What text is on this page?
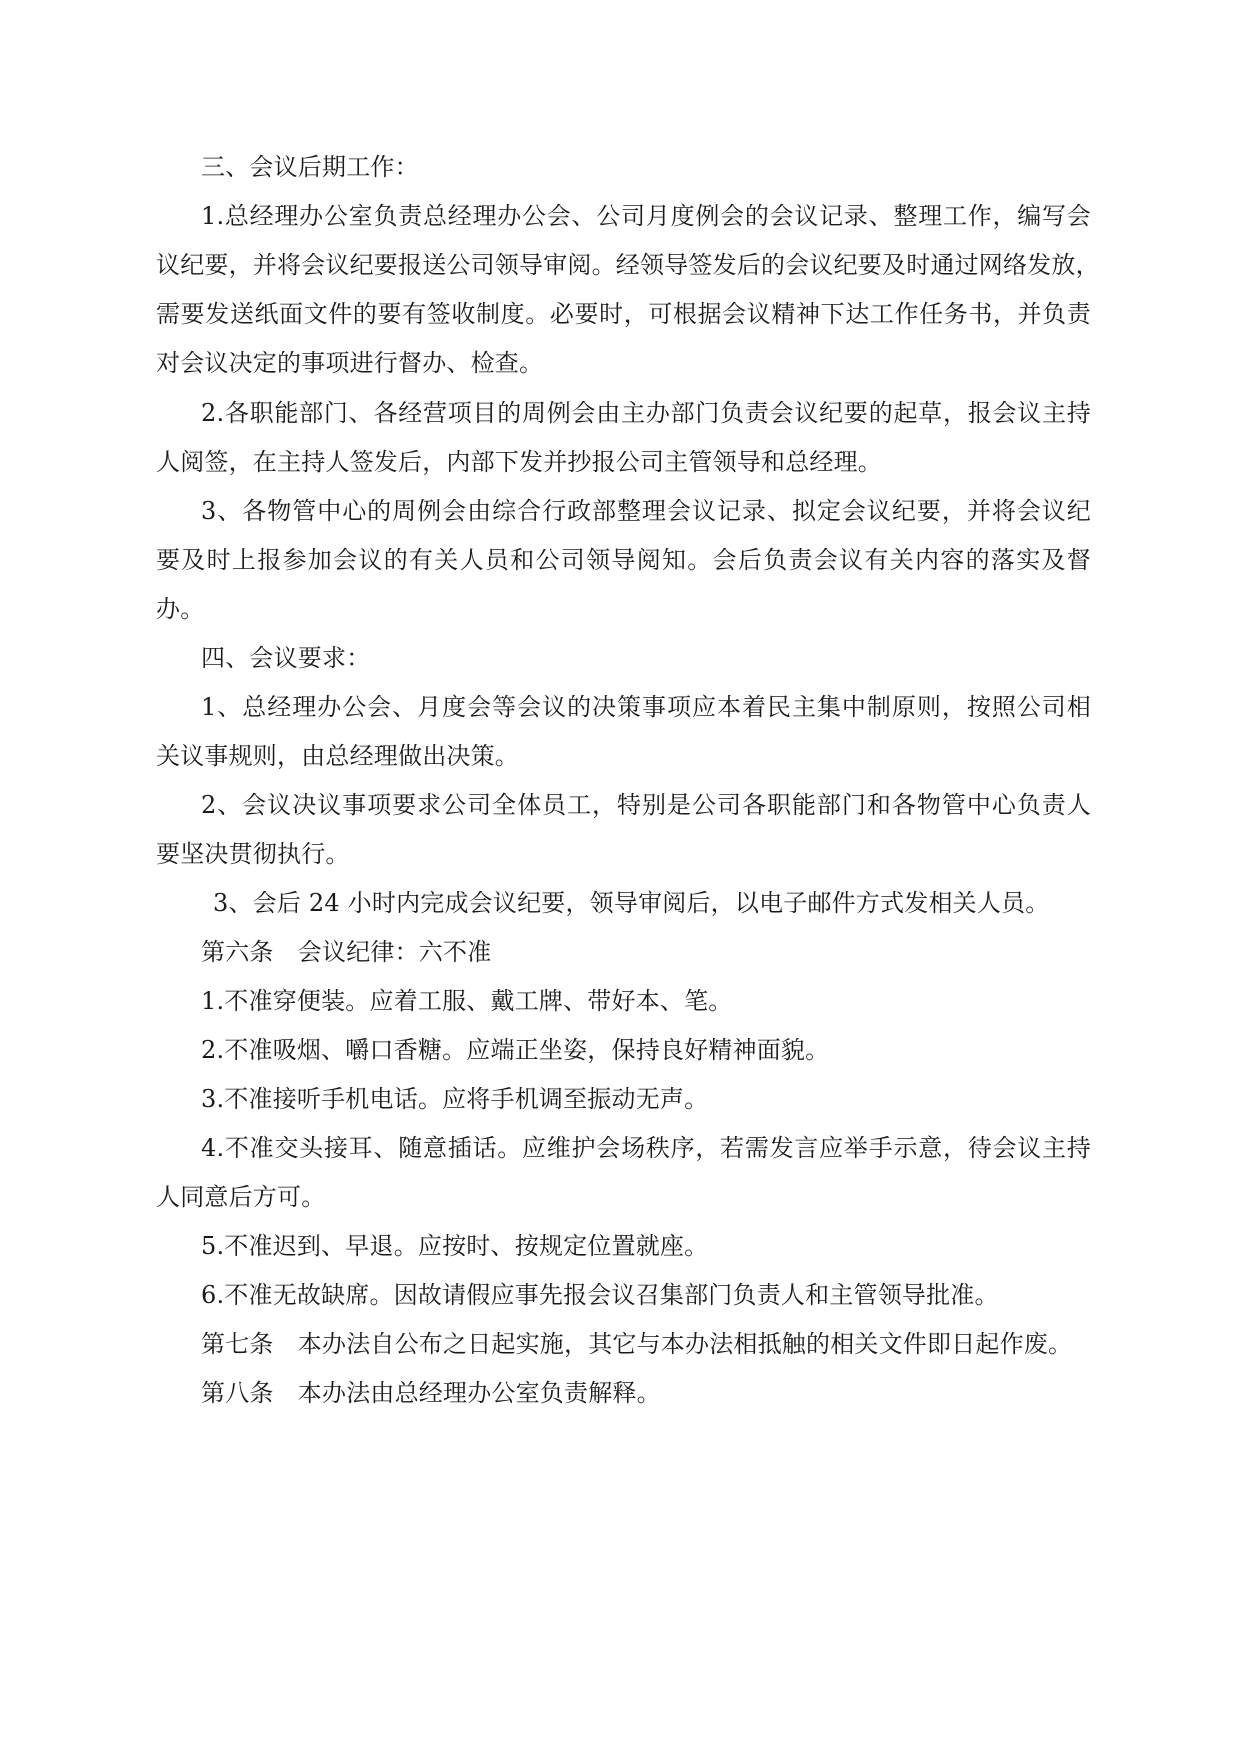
三、会议后期工作：
1.总经理办公室负责总经理办公会、公司月度例会的会议记录、整理工作，编写会
议纪要，并将会议纪要报送公司领导审阅。经领导签发后的会议纪要及时通过网络发放，
需要发送纸面文件的要有签收制度。必要时，可根据会议精神下达工作任务书，并负责
对会议决定的事项进行督办、检查。
2.各职能部门、各经营项目的周例会由主办部门负责会议纪要的起草，报会议主持
人阅签，在主持人签发后，内部下发并抄报公司主管领导和总经理。
3、各物管中心的周例会由综合行政部整理会议记录、拟定会议纪要，并将会议纪
要及时上报参加会议的有关人员和公司领导阅知。会后负责会议有关内容的落实及督
办。
四、会议要求：
1、总经理办公会、月度会等会议的决策事项应本着民主集中制原则，按照公司相
关议事规则，由总经理做出决策。
2、会议决议事项要求公司全体员工，特别是公司各职能部门和各物管中心负责人
要坚决贯彻执行。
3、会后 24 小时内完成会议纪要，领导审阅后，以电子邮件方式发相关人员。
第六条　会议纪律：六不准
1.不准穿便装。应着工服、戴工牌、带好本、笔。
2.不准吸烟、嚼口香糖。应端正坐姿，保持良好精神面貌。
3.不准接听手机电话。应将手机调至振动无声。
4.不准交头接耳、随意插话。应维护会场秩序，若需发言应举手示意，待会议主持
人同意后方可。
5.不准迟到、早退。应按时、按规定位置就座。
6.不准无故缺席。因故请假应事先报会议召集部门负责人和主管领导批准。
第七条　本办法自公布之日起实施，其它与本办法相抵触的相关文件即日起作废。
第八条　本办法由总经理办公室负责解释。
